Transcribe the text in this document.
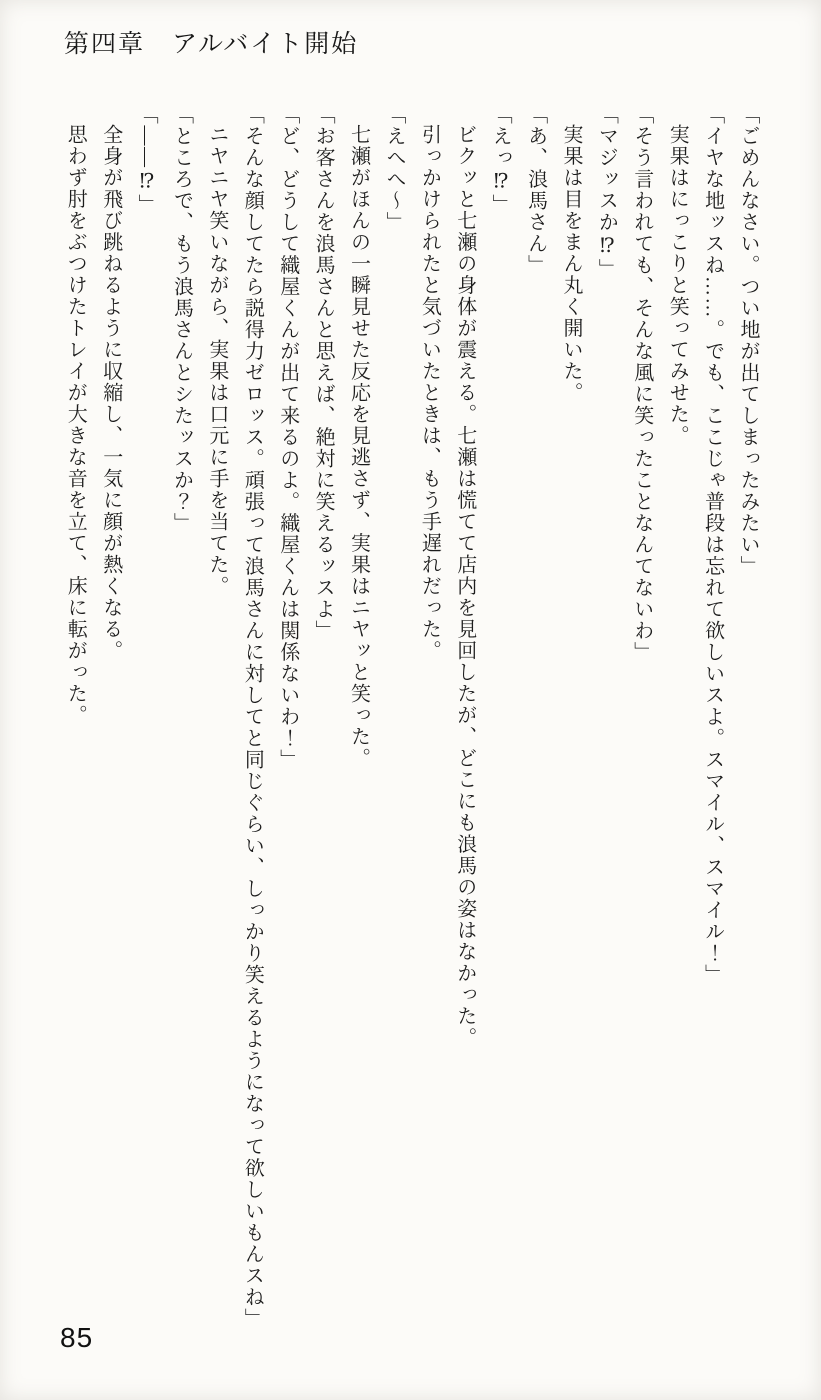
第四章　アルバイト開始

「ごめんなさい。つい地が出てしまったみたい」

「イヤな地ッスね……。でも、ここじゃ普段は忘れて欲しいスよ。スマイル、スマイル！」

実果はにっこりと笑ってみせた。

「そう言われても、そんな風に笑ったことなんてないわ」

「マジッスか⁉」

実果は目をまん丸く開いた。

「あ、浪馬さん」

「えっ⁉」

ビクッと七瀬の身体が震える。七瀬は慌てて店内を見回したが、どこにも浪馬の姿はなかった。

引っかけられたと気づいたときは、もう手遅れだった。

「えへへ〜」

七瀬がほんの一瞬見せた反応を見逃さず、実果はニヤッと笑った。

「お客さんを浪馬さんと思えば、絶対に笑えるッスよ」

「ど、どうして織屋くんが出て来るのよ。織屋くんは関係ないわ！」

「そんな顔してたら説得力ゼロッス。頑張って浪馬さんに対してと同じぐらい、しっかり笑えるようになって欲しいもんスね」

ニヤニヤ笑いながら、実果は口元に手を当てた。

「ところで、もう浪馬さんとシたッスか？」

「――⁉」

全身が飛び跳ねるように収縮し、一気に顔が熱くなる。

思わず肘をぶつけたトレイが大きな音を立て、床に転がった。

85
